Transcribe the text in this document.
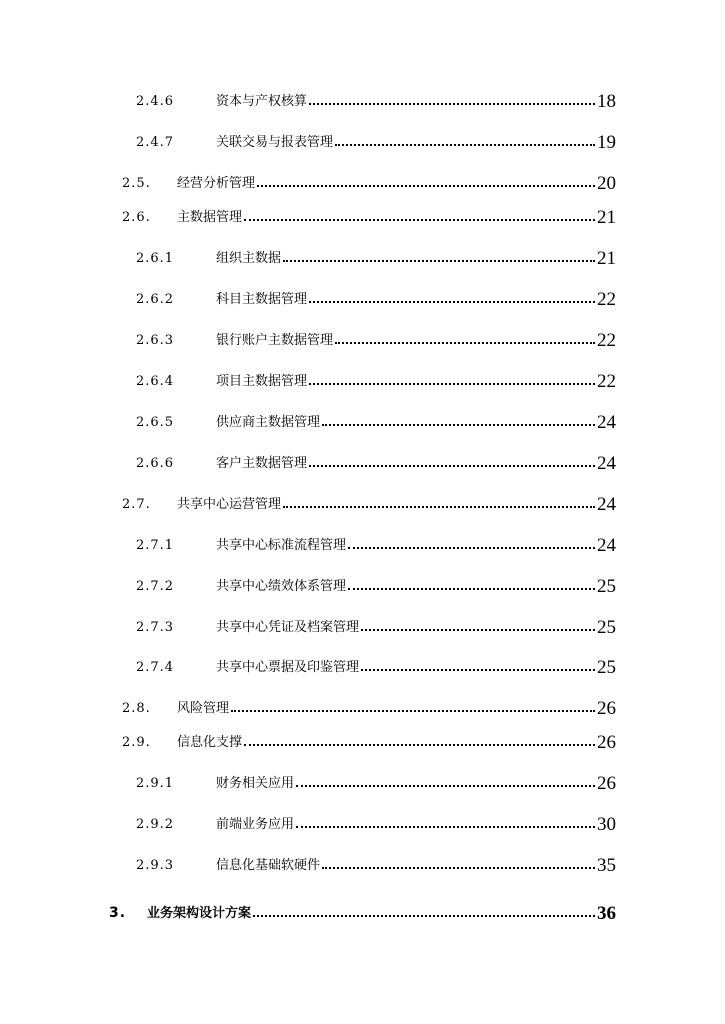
2.4.6	资本与产权核算	18
2.4.7	关联交易与报表管理	19
2.5.	经营分析管理	20
2.6.	主数据管理	21
2.6.1	组织主数据	21
2.6.2	科目主数据管理	22
2.6.3	银行账户主数据管理	22
2.6.4	项目主数据管理	22
2.6.5	供应商主数据管理	24
2.6.6	客户主数据管理	24
2.7.	共享中心运营管理	24
2.7.1	共享中心标准流程管理	24
2.7.2	共享中心绩效体系管理	25
2.7.3	共享中心凭证及档案管理	25
2.7.4	共享中心票据及印鉴管理	25
2.8.	风险管理	26
2.9.	信息化支撑	26
2.9.1	财务相关应用	26
2.9.2	前端业务应用	30
2.9.3	信息化基础软硬件	35
3.	业务架构设计方案	36
